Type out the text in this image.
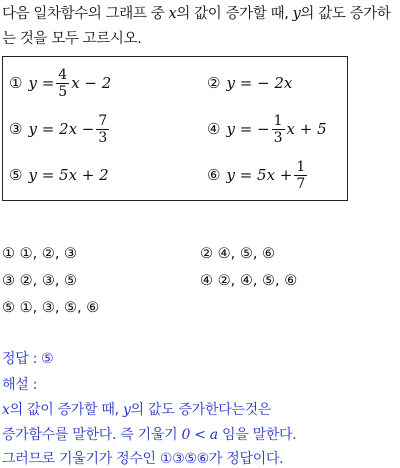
다음 일차함수의 그래프 중 x의 값이 증가할 때, y의 값도 증가하
는 것을 모두 고르시오.
① $y = \frac{4}{5}$ x − 2	② y = − 2x
③ $y = 2x - \frac{7}{3}$	④ y = − $\frac{1}{3}$ x + 5
⑤ y = 5x + 2	⑥ $y = 5x + \frac{1}{7}$
① ①, ②, ③	② ④, ⑤, ⑥
③ ②, ③, ⑤	④ ②, ④, ⑤, ⑥
⑤ ①, ③, ⑤, ⑥
정답 : ⑤
해설 :
x의 값이 증가할 때, y의 값도 증가한다는것은
증가함수를 말한다. 즉 기울기 0 < a 임을 말한다.
그러므로 기울기가 정수인 ①③⑤⑥가 정답이다.
